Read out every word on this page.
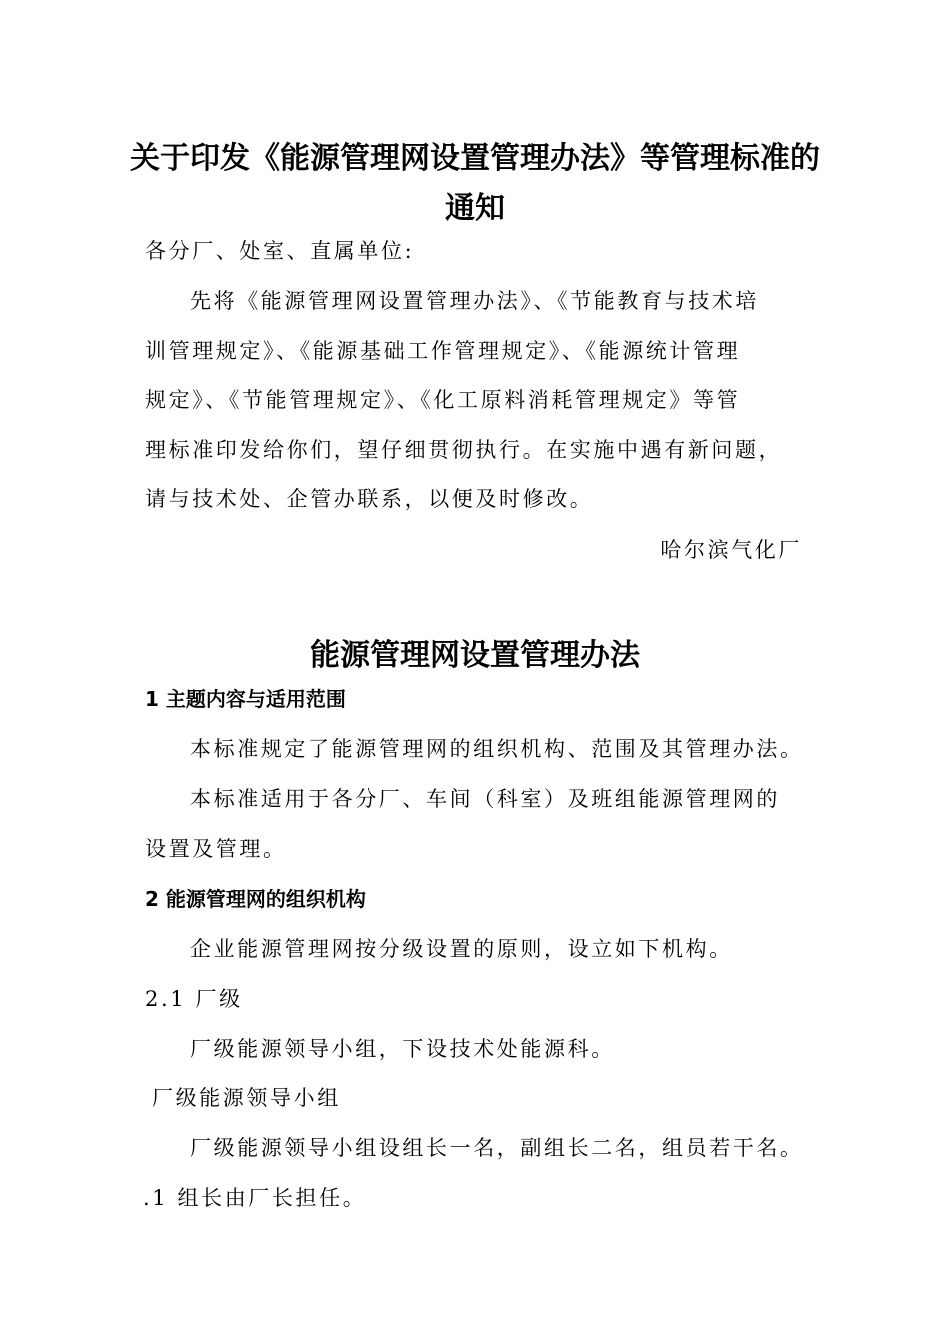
关于印发《能源管理网设置管理办法》等管理标准的
通知
各分厂、处室、直属单位:
先将《能源管理网设置管理办法》、《节能教育与技术培
训管理规定》、《能源基础工作管理规定》、《能源统计管理
规定》、《节能管理规定》、《化工原料消耗管理规定》等管
理标准印发给你们，望仔细贯彻执行。在实施中遇有新问题，
请与技术处、企管办联系，以便及时修改。
哈尔滨气化厂
能源管理网设置管理办法
1 主题内容与适用范围
本标准规定了能源管理网的组织机构、范围及其管理办法。
本标准适用于各分厂、车间（科室）及班组能源管理网的
设置及管理。
2 能源管理网的组织机构
企业能源管理网按分级设置的原则，设立如下机构。
2.1 厂级
厂级能源领导小组，下设技术处能源科。
厂级能源领导小组
厂级能源领导小组设组长一名，副组长二名，组员若干名。
.1 组长由厂长担任。
